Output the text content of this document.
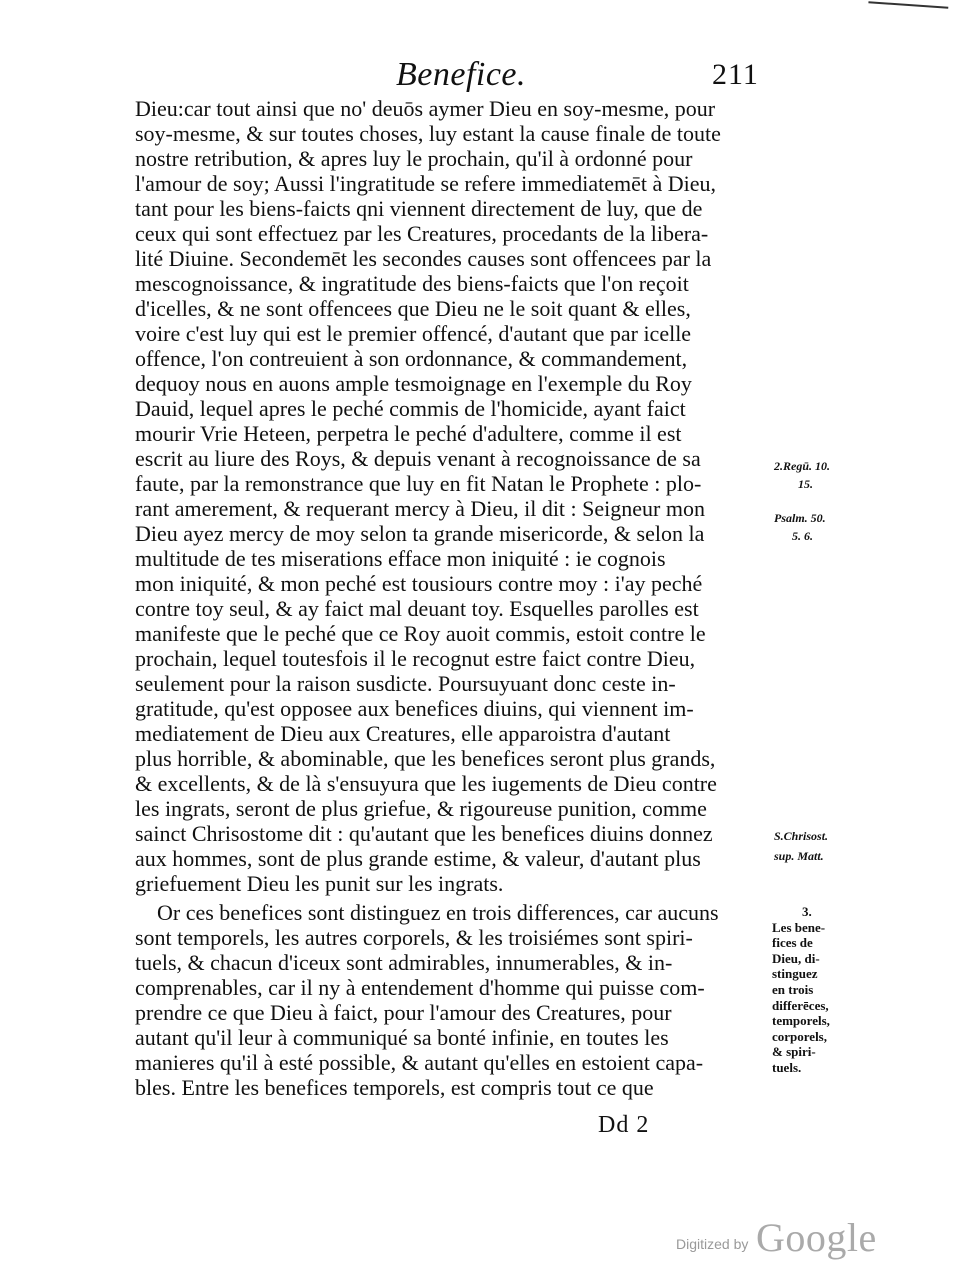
Benefice.	211
Dieu:car tout ainsi que no' deuōs aymer Dieu en soy-mesme, pour
soy-mesme, & sur toutes choses, luy estant la cause finale de toute
nostre retribution, & apres luy le prochain, qu'il à ordonné pour
l'amour de soy; Aussi l'ingratitude se refere immediatemēt à Dieu,
tant pour les biens-faicts qni viennent directement de luy, que de
ceux qui sont effectuez par les Creatures, procedants de la libera-
lité Diuine. Secondemēt les secondes causes sont offencees par la
mescognoissance, & ingratitude des biens-faicts que l'on reçoit
d'icelles, & ne sont offencees que Dieu ne le soit quant & elles,
voire c'est luy qui est le premier offencé, d'autant que par icelle
offence, l'on contreuient à son ordonnance, & commandement,
dequoy nous en auons ample tesmoignage en l'exemple du Roy
Dauid, lequel apres le peché commis de l'homicide, ayant faict
mourir Vrie Heteen, perpetra le peché d'adultere, comme il est
escrit au liure des Roys, & depuis venant à recognoissance de sa
faute, par la remonstrance que luy en fit Natan le Prophete : plo-
rant amerement, & requerant mercy à Dieu, il dit : Seigneur mon
Dieu ayez mercy de moy selon ta grande misericorde, & selon la
multitude de tes miserations efface mon iniquité : ie cognois
mon iniquité, & mon peché est tousiours contre moy : i'ay peché
contre toy seul, & ay faict mal deuant toy. Esquelles parolles est
manifeste que le peché que ce Roy auoit commis, estoit contre le
prochain, lequel toutesfois il le recognut estre faict contre Dieu,
seulement pour la raison susdicte. Poursuyuant donc ceste in-
gratitude, qu'est opposee aux benefices diuins, qui viennent im-
mediatement de Dieu aux Creatures, elle apparoistra d'autant
plus horrible, & abominable, que les benefices seront plus grands,
& excellents, & de là s'ensuyura que les iugements de Dieu contre
les ingrats, seront de plus griefue, & rigoureuse punition, comme
sainct Chrisostome dit : qu'autant que les benefices diuins donnez
aux hommes, sont de plus grande estime, & valeur, d'autant plus
griefuement Dieu les punit sur les ingrats.
Or ces benefices sont distinguez en trois differences, car aucuns
sont temporels, les autres corporels, & les troisiémes sont spiri-
tuels, & chacun d'iceux sont admirables, innumerables, & in-
comprenables, car il ny à entendement d'homme qui puisse com-
prendre ce que Dieu à faict, pour l'amour des Creatures, pour
autant qu'il leur à communiqué sa bonté infinie, en toutes les
manieres qu'il à esté possible, & autant qu'elles en estoient capa-
bles. Entre les benefices temporels, est compris tout ce que
2.Regū. 10.
15.
Psalm. 50.
5. 6.
S.Chrisost.
sup. Matt.
3.
Les bene-
fices de
Dieu, di-
stinguez
en trois
differēces,
temporels,
corporels,
& spiri-
tuels.
Dd 2
Digitized by Google
